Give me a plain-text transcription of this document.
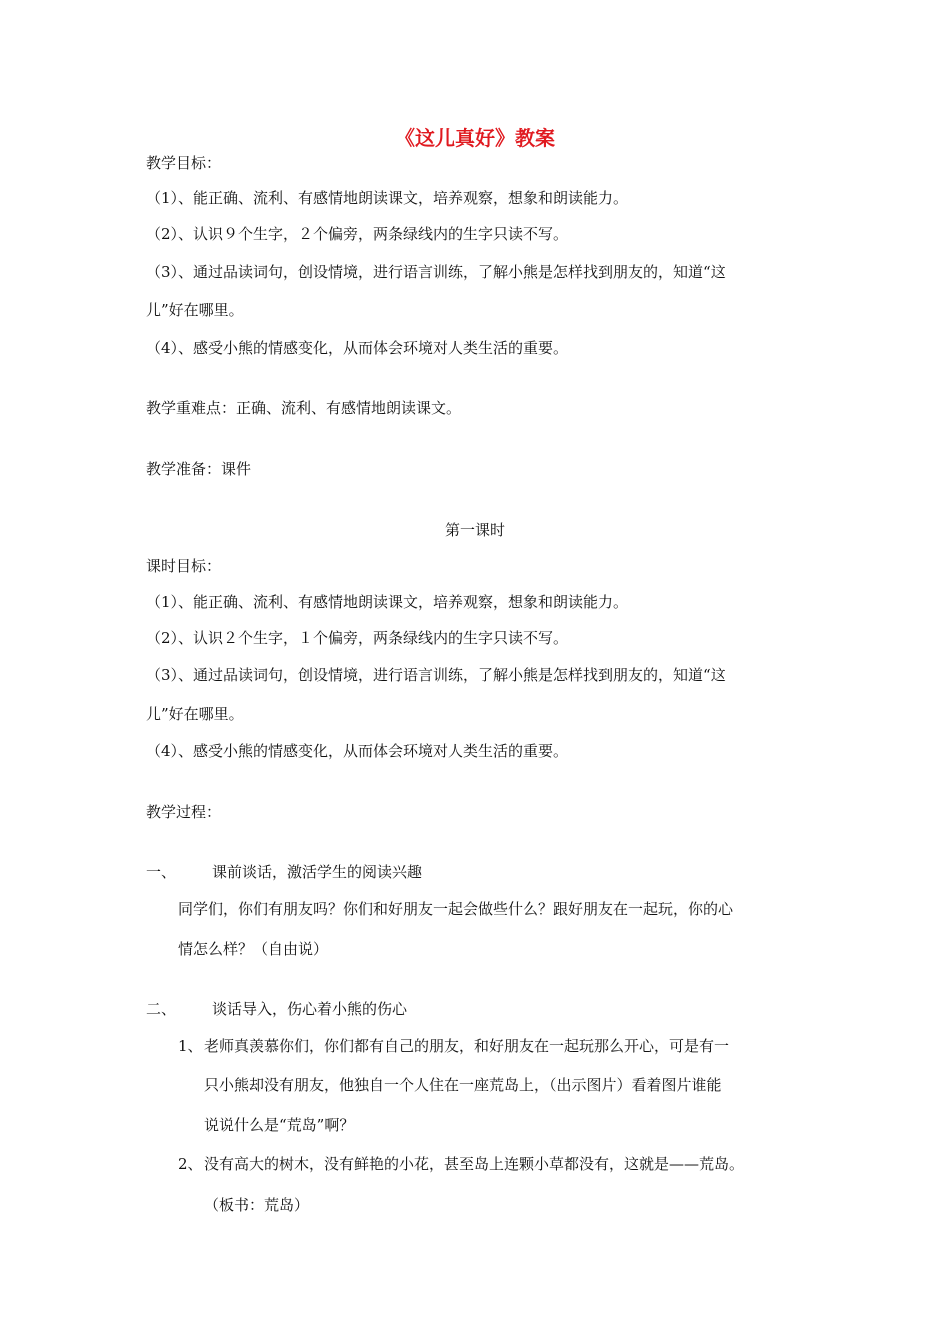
《这儿真好》教案
教学目标：
（1）、能正确、流利、有感情地朗读课文，培养观察，想象和朗读能力。
（2）、认识９个生字，２个偏旁，两条绿线内的生字只读不写。
（3）、通过品读词句，创设情境，进行语言训练，了解小熊是怎样找到朋友的，知道“这
儿”好在哪里。
（4）、感受小熊的情感变化，从而体会环境对人类生活的重要。
教学重难点：正确、流利、有感情地朗读课文。
教学准备：课件
第一课时
课时目标：
（1）、能正确、流利、有感情地朗读课文，培养观察，想象和朗读能力。
（2）、认识２个生字，１个偏旁，两条绿线内的生字只读不写。
（3）、通过品读词句，创设情境，进行语言训练，了解小熊是怎样找到朋友的，知道“这
儿”好在哪里。
（4）、感受小熊的情感变化，从而体会环境对人类生活的重要。
教学过程：
一、 课前谈话，激活学生的阅读兴趣
同学们，你们有朋友吗？你们和好朋友一起会做些什么？跟好朋友在一起玩，你的心
情怎么样？（自由说）
二、 谈话导入，伤心着小熊的伤心
1、老师真羡慕你们，你们都有自己的朋友，和好朋友在一起玩那么开心，可是有一
只小熊却没有朋友，他独自一个人住在一座荒岛上，（出示图片）看着图片谁能
说说什么是“荒岛”啊？
2、没有高大的树木，没有鲜艳的小花，甚至岛上连颗小草都没有，这就是——荒岛。
（板书：荒岛）
